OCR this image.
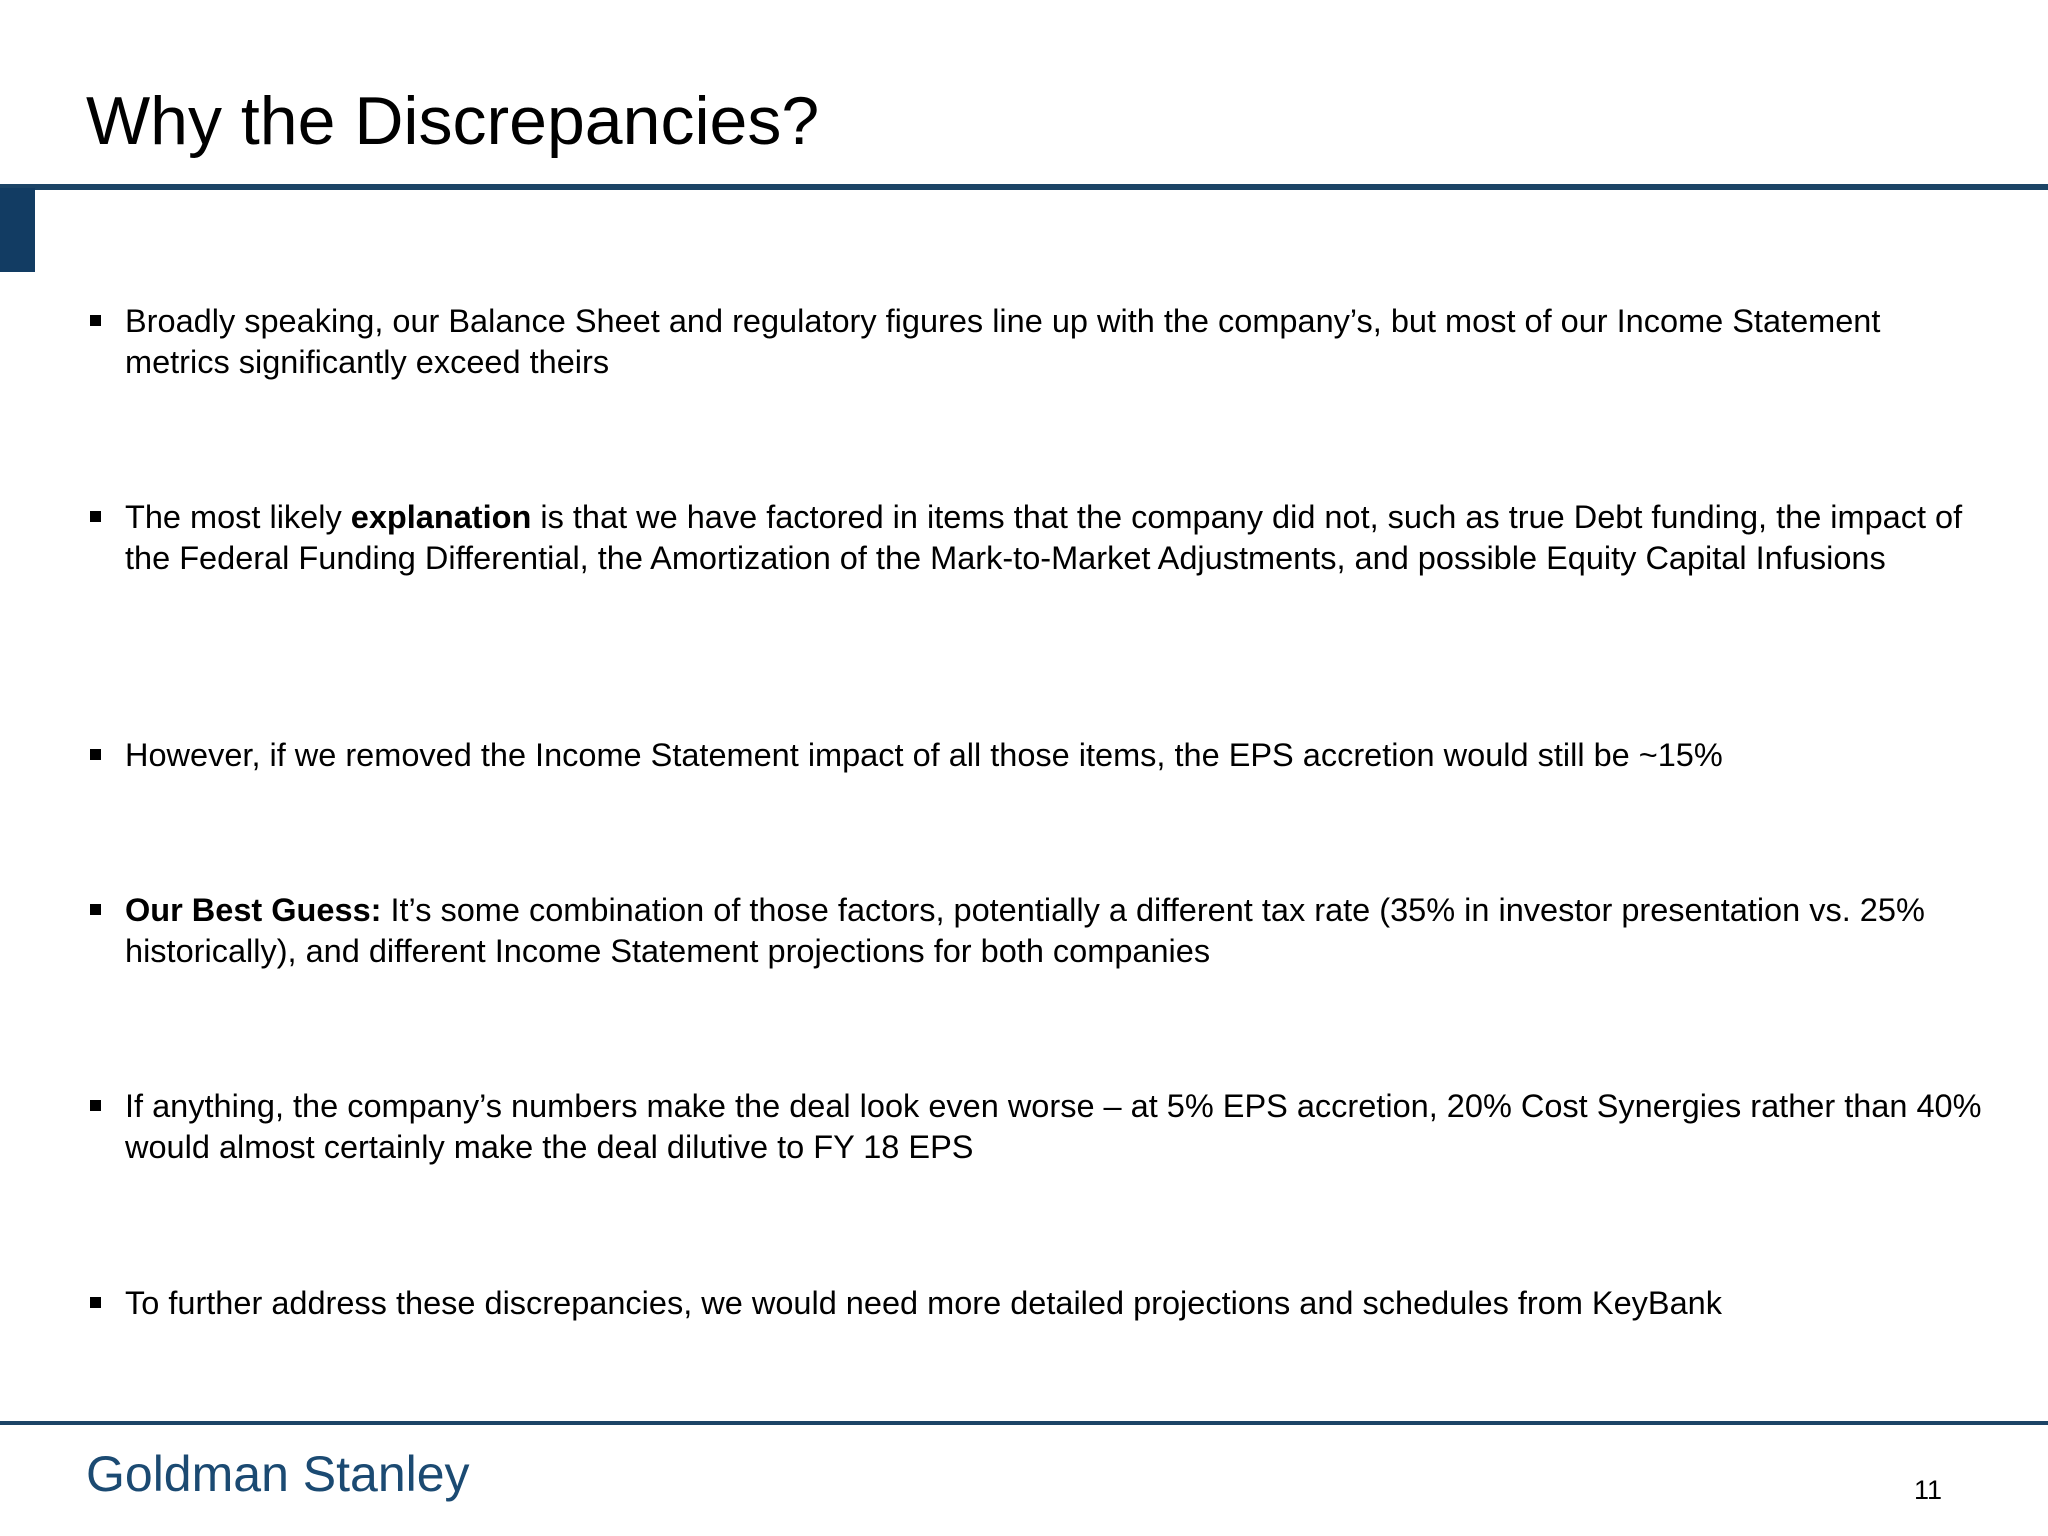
Why the Discrepancies?
Broadly speaking, our Balance Sheet and regulatory figures line up with the company’s, but most of our Income Statement metrics significantly exceed theirs
The most likely explanation is that we have factored in items that the company did not, such as true Debt funding, the impact of the Federal Funding Differential, the Amortization of the Mark-to-Market Adjustments, and possible Equity Capital Infusions
However, if we removed the Income Statement impact of all those items, the EPS accretion would still be ~15%
Our Best Guess: It’s some combination of those factors, potentially a different tax rate (35% in investor presentation vs. 25% historically), and different Income Statement projections for both companies
If anything, the company’s numbers make the deal look even worse – at 5% EPS accretion, 20% Cost Synergies rather than 40% would almost certainly make the deal dilutive to FY 18 EPS
To further address these discrepancies, we would need more detailed projections and schedules from KeyBank
Goldman Stanley	11
